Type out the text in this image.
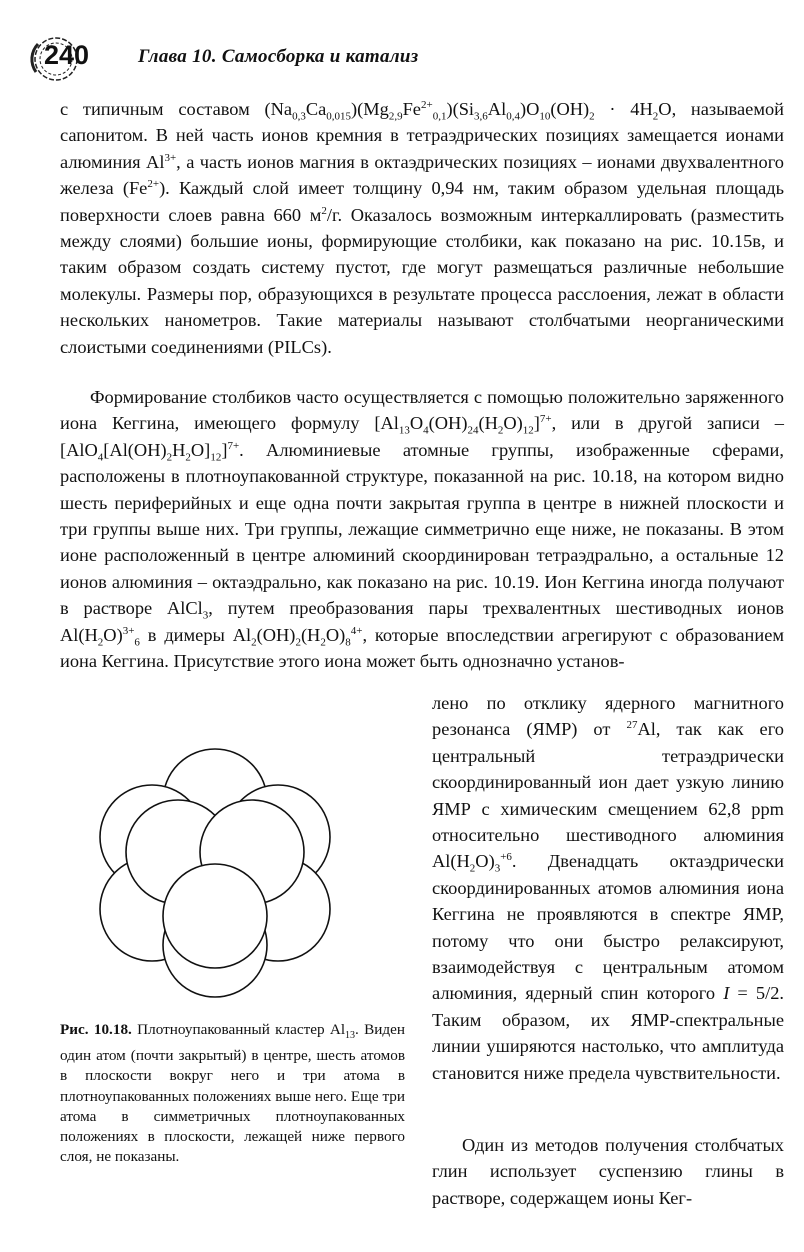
240	Глава 10. Самосборка и катализ

с типичным составом $(Na_{0,3}Ca_{0,015})(Mg_{2,9}Fe^{2+}_{0,1})(Si_{3,6}Al_{0,4})O_{10}(OH)_2 \cdot 4H_2O$, называемой сапонитом. В ней часть ионов кремния в тетраэдрических позициях замещается ионами алюминия $Al^{3+}$, а часть ионов магния в октаэдрических позициях – ионами двухвалентного железа $(Fe^{2+})$. Каждый слой имеет толщину 0,94 нм, таким образом удельная площадь поверхности слоев равна 660 $м^2/г$. Оказалось возможным интеркаллировать (разместить между слоями) большие ионы, формирующие столбики, как показано на рис. 10.15в, и таким образом создать систему пустот, где могут размещаться различные небольшие молекулы. Размеры пор, образующихся в результате процесса расслоения, лежат в области нескольких нанометров. Такие материалы называют столбчатыми неорганическими слоистыми соединениями (PILCs).

Формирование столбиков часто осуществляется с помощью положительно заряженного иона Кеггина, имеющего формулу $[Al_{13}O_4(OH)_{24}(H_2O)_{12}]^{7+}$, или в другой записи – $[AlO_4[Al(OH)_2H_2O]_{12}]^{7+}$. Алюминиевые атомные группы, изображенные сферами, расположены в плотноупакованной структуре, показанной на рис. 10.18, на котором видно шесть периферийных и еще одна почти закрытая группа в центре в нижней плоскости и три группы выше них. Три группы, лежащие симметрично еще ниже, не показаны. В этом ионе расположенный в центре алюминий скоординирован тетраэдрально, а остальные 12 ионов алюминия – октаэдрально, как показано на рис. 10.19. Ион Кеггина иногда получают в растворе AlCl$_3$, путем преобразования пары трехвалентных шестиводных ионов $Al(H_2O)^{3+}_6$ в димеры $Al_2(OH)_2(H_2O)_8^{4+}$, которые впоследствии агрегируют с образованием иона Кеггина. Присутствие этого иона может быть однозначно установ-

лено по отклику ядерного магнитного резонанса (ЯМР) от $^{27}$Al, так как его центральный тетраэдрически скоординированный ион дает узкую линию ЯМР с химическим смещением 62,8 ppm относительно шестиводного алюминия $Al(H_2O)_3^{+6}$. Двенадцать октаэдрически скоординированных атомов алюминия иона Кеггина не проявляются в спектре ЯМР, потому что они быстро релаксируют, взаимодействуя с центральным атомом алюминия, ядерный спин которого I = 5/2. Таким образом, их ЯМР-спектральные линии уширяются настолько, что амплитуда становится ниже предела чувствительности.

Один из методов получения столбчатых глин использует суспензию глины в растворе, содержащем ионы Кег-

Рис. 10.18. Плотноупакованный кластер $Al_{13}$. Виден один атом (почти закрытый) в центре, шесть атомов в плоскости вокруг него и три атома в плотноупакованных положениях выше него. Еще три атома в симметричных плотноупакованных положениях в плоскости, лежащей ниже первого слоя, не показаны.
